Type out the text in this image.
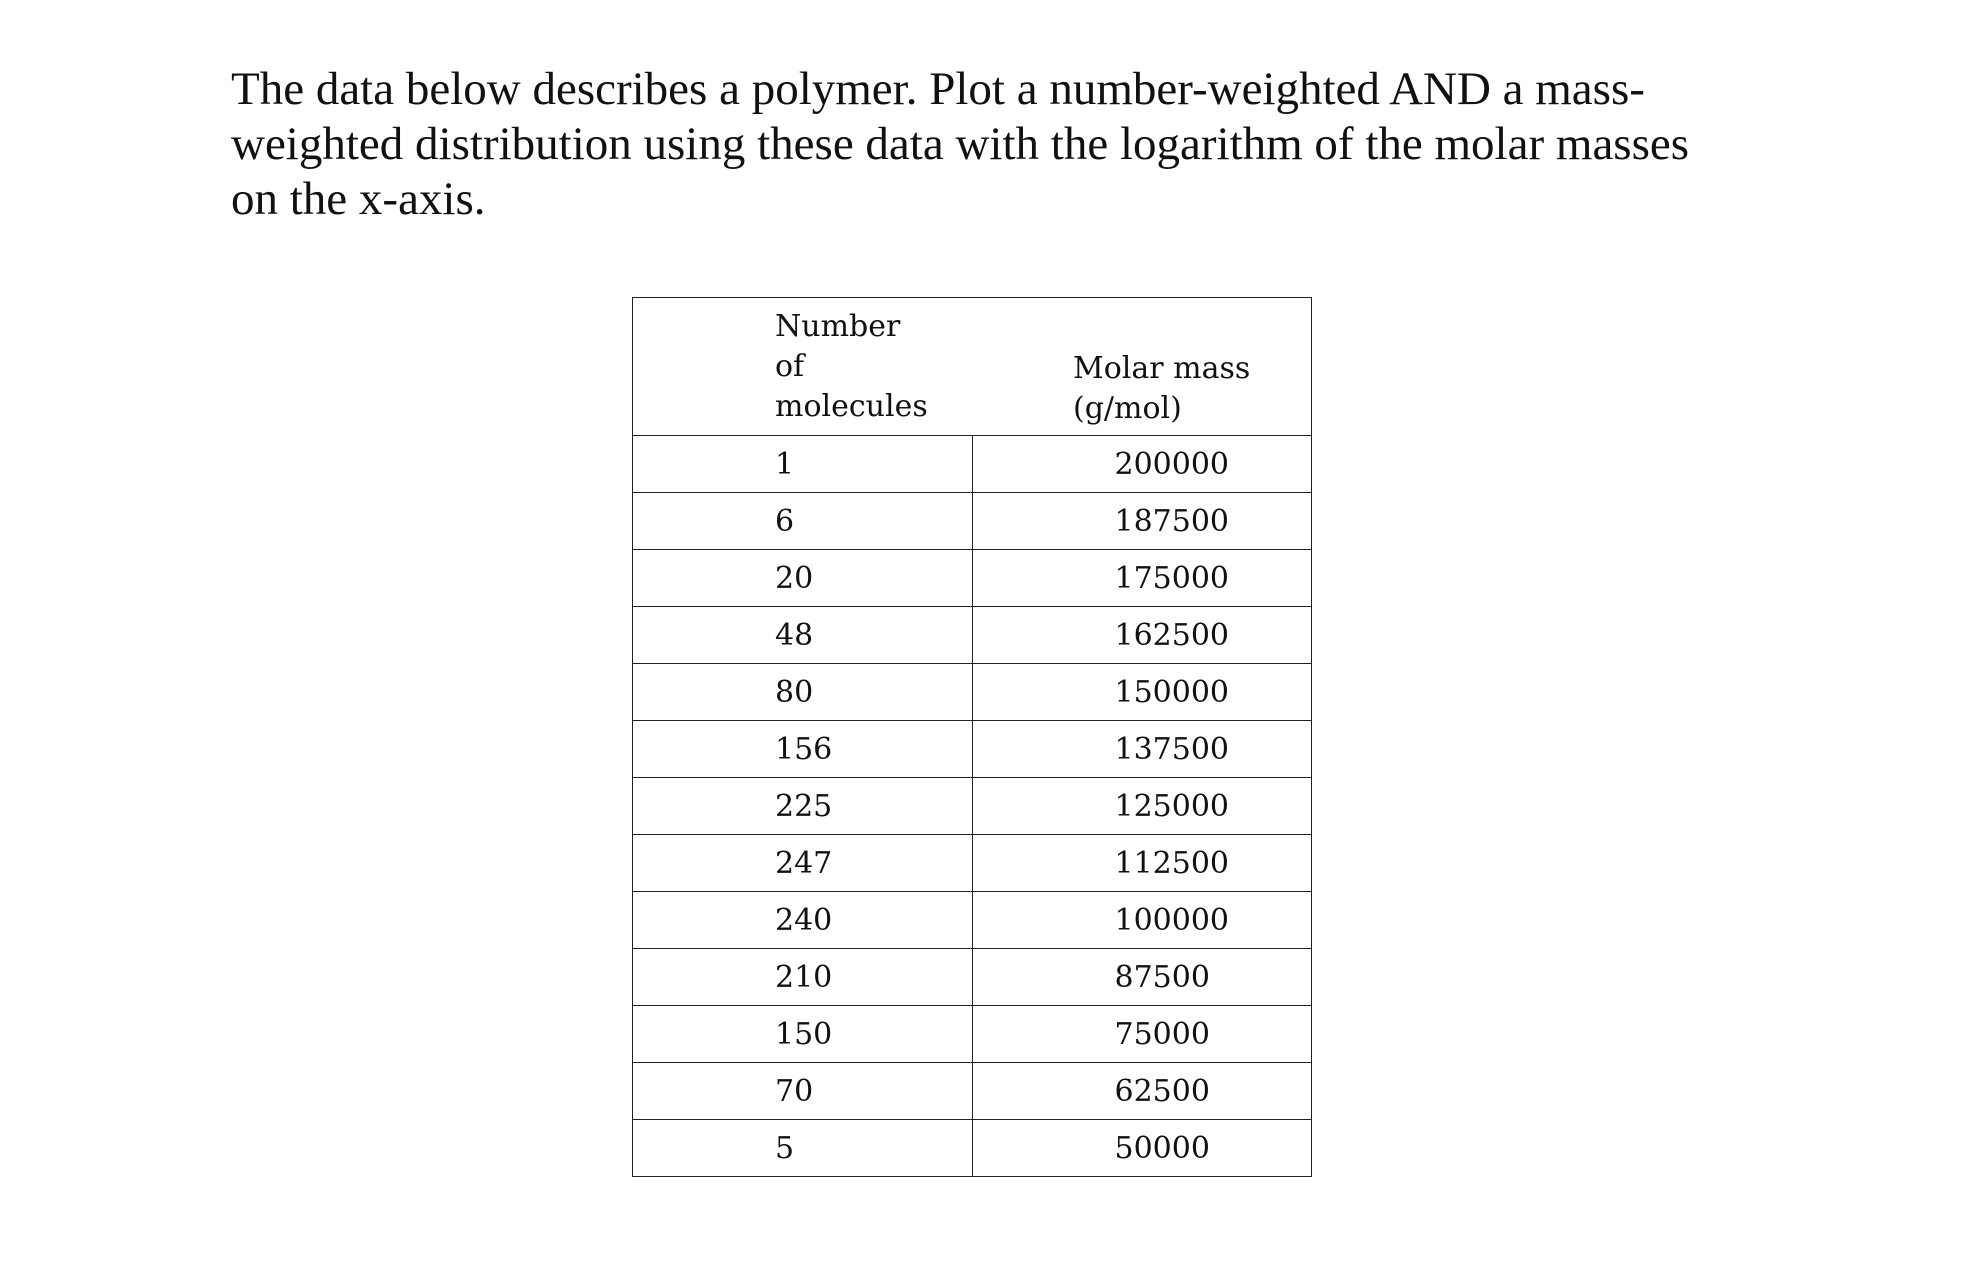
The data below describes a polymer. Plot a number-weighted AND a mass-
weighted distribution using these data with the logarithm of the molar masses
on the x-axis.

Number
of
molecules	Molar mass
(g/mol)

1	200000
6	187500
20	175000
48	162500
80	150000
156	137500
225	125000
247	112500
240	100000
210	87500
150	75000
70	62500
5	50000
